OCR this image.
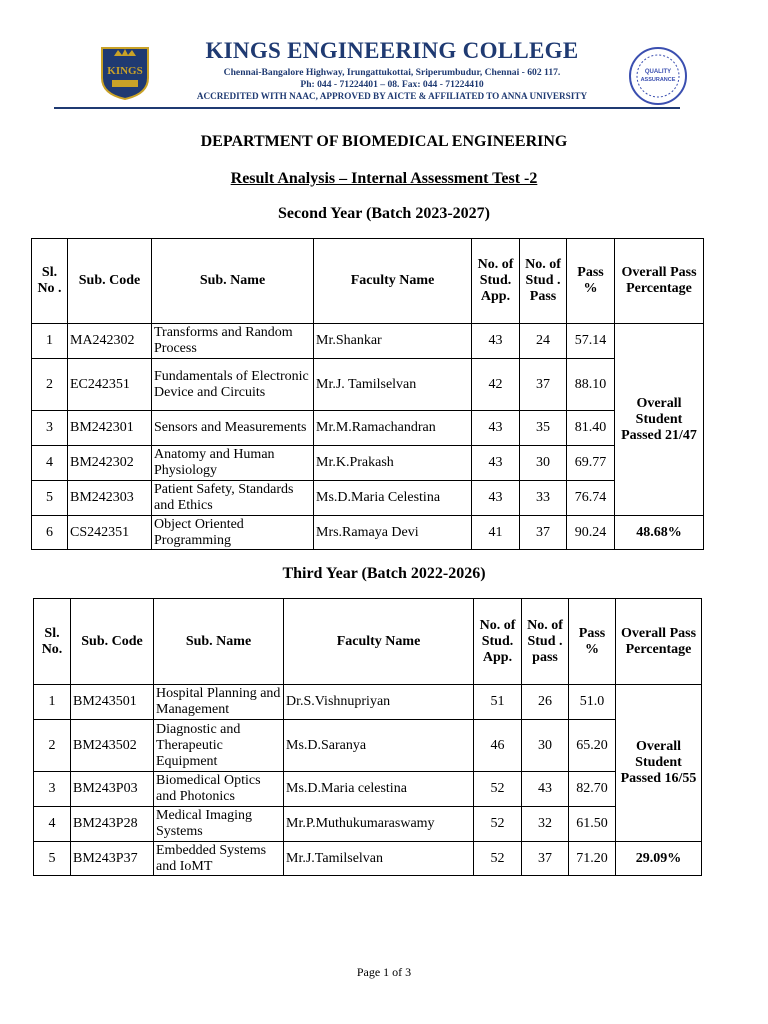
KINGS
KINGS ENGINEERING COLLEGE
Chennai-Bangalore Highway, Irungattukottai, Sriperumbudur, Chennai - 602 117.
Ph: 044 - 71224401 – 08. Fax: 044 - 71224410
ACCREDITED WITH NAAC, APPROVED BY AICTE & AFFILIATED TO ANNA UNIVERSITY
QUALITY
ASSURANCE
DEPARTMENT OF BIOMEDICAL ENGINEERING
Result Analysis – Internal Assessment Test -2
Second Year (Batch 2023-2027)
Sl. No .	Sub. Code	Sub. Name	Faculty Name	No. of Stud. App.	No. of Stud . Pass	Pass %	Overall Pass Percentage
1	MA242302	Transforms and Random Process	Mr.Shankar	43	24	57.14	Overall Student Passed 21/47
2	EC242351	Fundamentals of Electronic Device and Circuits	Mr.J. Tamilselvan	42	37	88.10	
3	BM242301	Sensors and Measurements	Mr.M.Ramachandran	43	35	81.40	
4	BM242302	Anatomy and Human Physiology	Mr.K.Prakash	43	30	69.77	
5	BM242303	Patient Safety, Standards and Ethics	Ms.D.Maria Celestina	43	33	76.74	
6	CS242351	Object Oriented Programming	Mrs.Ramaya Devi	41	37	90.24	48.68%
Third Year (Batch 2022-2026)
Sl. No.	Sub. Code	Sub. Name	Faculty Name	No. of Stud. App.	No. of Stud . pass	Pass %	Overall Pass Percentage
1	BM243501	Hospital Planning and Management	Dr.S.Vishnupriyan	51	26	51.0	Overall Student Passed 16/55
2	BM243502	Diagnostic and Therapeutic Equipment	Ms.D.Saranya	46	30	65.20	
3	BM243P03	Biomedical Optics and Photonics	Ms.D.Maria celestina	52	43	82.70	
4	BM243P28	Medical Imaging Systems	Mr.P.Muthukumaraswamy	52	32	61.50	
5	BM243P37	Embedded Systems and IoMT	Mr.J.Tamilselvan	52	37	71.20	29.09%
Page 1 of 3
